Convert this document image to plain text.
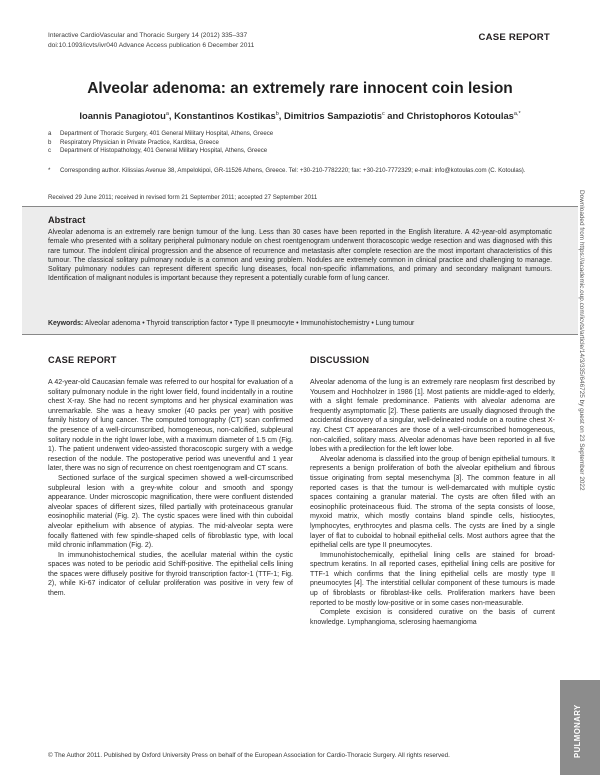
Interactive CardioVascular and Thoracic Surgery 14 (2012) 335–337
doi:10.1093/icvts/ivr040 Advance Access publication 6 December 2011
CASE REPORT
Alveolar adenoma: an extremely rare innocent coin lesion
Ioannis Panagiotou$^a$, Konstantinos Kostikas$^b$, Dimitrios Sampaziotis$^c$ and Christophoros Kotoulas$^{a,*}$
a	Department of Thoracic Surgery, 401 General Military Hospital, Athens, Greece
b	Respiratory Physician in Private Practice, Karditsa, Greece
c	Department of Histopathology, 401 General Military Hospital, Athens, Greece
*	Corresponding author. Kilissias Avenue 38, Ampelokipoi, GR-11526 Athens, Greece. Tel: +30-210-7782220; fax: +30-210-7772329; e-mail: info@kotoulas.com (C. Kotoulas).
Received 29 June 2011; received in revised form 21 September 2011; accepted 27 September 2011
Abstract
Alveolar adenoma is an extremely rare benign tumour of the lung. Less than 30 cases have been reported in the English literature. A 42-year-old asymptomatic female who presented with a solitary peripheral pulmonary nodule on chest roentgenogram underwent thoracoscopic wedge resection and was diagnosed with this rare tumour. The indolent clinical progression and the absence of recurrence and metastasis after complete resection are the most important characteristics of this tumour. The classical solitary pulmonary nodule is a common and vexing problem. Nodules are extremely common in clinical practice and challenging to manage. Solitary pulmonary nodules can represent different specific lung diseases, focal non-specific inflammations, and primary and secondary malignant tumours. Identification of malignant nodules is important because they represent a potentially curable form of lung cancer.
Keywords: Alveolar adenoma • Thyroid transcription factor • Type II pneumocyte • Immunohistochemistry • Lung tumour
CASE REPORT

A 42-year-old Caucasian female was referred to our hospital for evaluation of a solitary pulmonary nodule in the right lower field, found incidentally in a routine chest X-ray. She had no recent symptoms and her physical examination was unremarkable. She was a heavy smoker (40 packs per year) with positive family history of lung cancer. The computed tomography (CT) scan confirmed the presence of a well-circumscribed, homogeneous, non-calcified, subpleural solitary nodule in the right lower lobe, with a maximum diameter of 1.5 cm (Fig. 1). The patient underwent video-assisted thoracoscopic surgery with a wedge resection of the nodule. The postoperative period was uneventful and 1 year later, there was no sign of recurrence on chest roentgenogram and CT scans.

Sectioned surface of the surgical specimen showed a well-circumscribed subpleural lesion with a grey-white colour and smooth and spongy appearance. Under microscopic magnification, there were confluent distended alveolar spaces of different sizes, filled partially with proteinaceous granular eosinophilic material (Fig. 2). The cystic spaces were lined with thin cuboidal alveolar epithelium with absence of atypias. The mid-alveolar septa were focally flattened with few spindle-shaped cells of fibroblastic type, with local mild chronic inflammation (Fig. 2).

In immunohistochemical studies, the acellular material within the cystic spaces was noted to be periodic acid Schiff-positive. The epithelial cells lining the spaces were diffusely positive for thyroid transcription factor-1 (TTF-1; Fig. 2), while Ki-67 indicator of cellular proliferation was positive in very few of them.

DISCUSSION

Alveolar adenoma of the lung is an extremely rare neoplasm first described by Yousem and Hochholzer in 1986 [1]. Most patients are middle-aged to elderly, with a slight female predominance. Patients with alveolar adenoma are frequently asymptomatic [2]. These patients are usually diagnosed through the accidental discovery of a singular, well-delineated nodule on a routine chest X-ray. Chest CT appearances are those of a well-circumscribed homogeneous, non-calcified, solitary mass. Alveolar adenomas have been reported in all five lobes with a predilection for the left lower lobe.

Alveolar adenoma is classified into the group of benign epithelial tumours. It represents a benign proliferation of both the alveolar epithelium and fibrous tissue originating from septal mesenchyma [3]. The common feature in all reported cases is that the tumour is well-demarcated with multiple cystic spaces containing a granular material. The cysts are often filled with an eosinophilic proteinaceous fluid. The stroma of the septa consists of loose, myxoid matrix, which mostly contains bland spindle cells, histiocytes, lymphocytes, erythrocytes and plasma cells. The cysts are lined by a single layer of flat to cuboidal to hobnail epithelial cells. Most authors agree that the epithelial cells are type II pneumocytes.

Immunohistochemically, epithelial lining cells are stained for broad-spectrum keratins. In all reported cases, epithelial lining cells are positive for TTF-1 which confirms that the lining epithelial cells are mostly type II pneumocytes [4]. The interstitial cellular component of these tumours is made up of fibroblasts or fibroblast-like cells. Proliferation markers have been reported to be mostly low-positive or in some cases non-measurable.

Complete excision is considered curative on the basis of current knowledge. Lymphangioma, sclerosing haemangioma

Downloaded from https://academic.oup.com/icvts/article/14/3/335/646725 by guest on 23 September 2022
PULMONARY
© The Author 2011. Published by Oxford University Press on behalf of the European Association for Cardio-Thoracic Surgery. All rights reserved.
